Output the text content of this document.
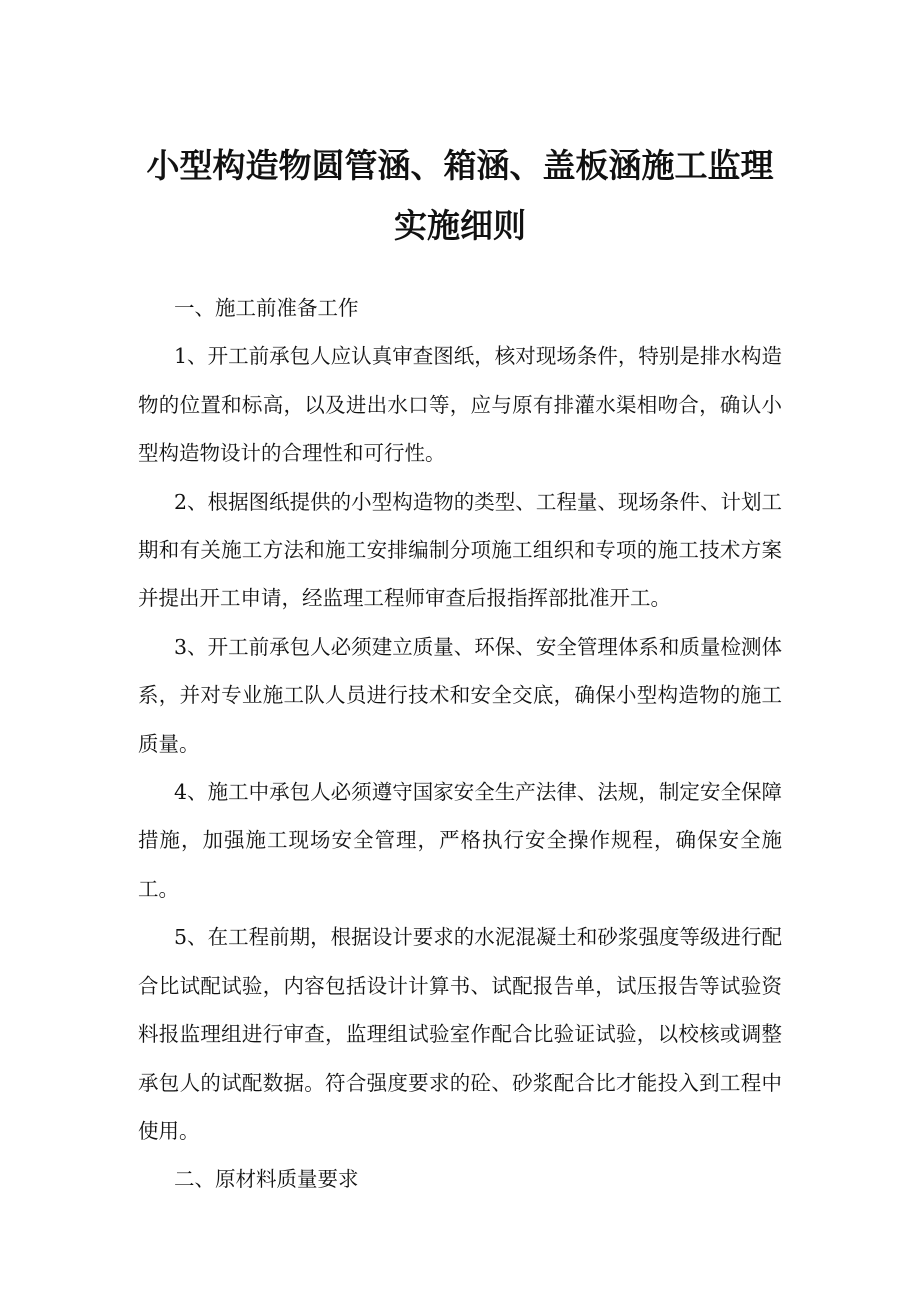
小型构造物圆管涵、箱涵、盖板涵施工监理
实施细则

一、施工前准备工作

1、开工前承包人应认真审查图纸，核对现场条件，特别是排水构造物的位置和标高，以及进出水口等，应与原有排灌水渠相吻合，确认小型构造物设计的合理性和可行性。

2、根据图纸提供的小型构造物的类型、工程量、现场条件、计划工期和有关施工方法和施工安排编制分项施工组织和专项的施工技术方案并提出开工申请，经监理工程师审查后报指挥部批准开工。

3、开工前承包人必须建立质量、环保、安全管理体系和质量检测体系，并对专业施工队人员进行技术和安全交底，确保小型构造物的施工质量。

4、施工中承包人必须遵守国家安全生产法律、法规，制定安全保障措施，加强施工现场安全管理，严格执行安全操作规程，确保安全施工。

5、在工程前期，根据设计要求的水泥混凝土和砂浆强度等级进行配合比试配试验，内容包括设计计算书、试配报告单，试压报告等试验资料报监理组进行审查，监理组试验室作配合比验证试验，以校核或调整承包人的试配数据。符合强度要求的砼、砂浆配合比才能投入到工程中使用。

二、原材料质量要求
